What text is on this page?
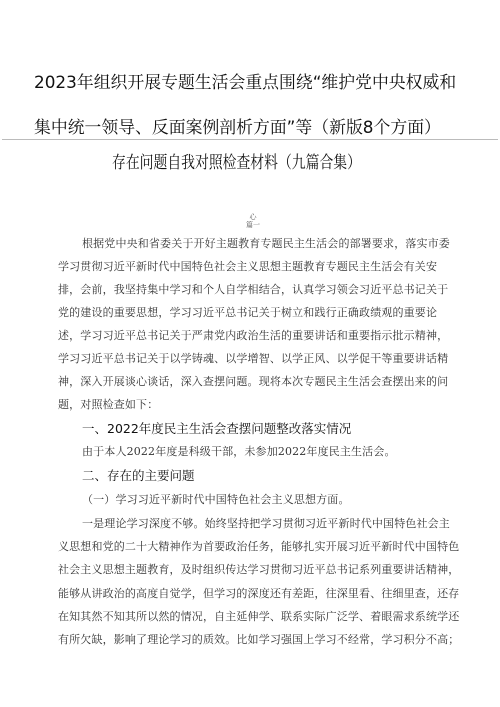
2023年组织开展专题生活会重点围绕“维护党中央权威和
集中统一领导、反面案例剖析方面”等（新版8个方面）
存在问题自我对照检查材料（九篇合集）
心
篇一
根据党中央和省委关于开好主题教育专题民主生活会的部署要求，落实市委
学习贯彻习近平新时代中国特色社会主义思想主题教育专题民主生活会有关安
排，会前，我坚持集中学习和个人自学相结合，认真学习领会习近平总书记关于
党的建设的重要思想，学习习近平总书记关于树立和践行正确政绩观的重要论
述，学习习近平总书记关于严肃党内政治生活的重要讲话和重要指示批示精神，
学习习近平总书记关于以学铸魂、以学增智、以学正风、以学促干等重要讲话精
神，深入开展谈心谈话，深入查摆问题。现将本次专题民主生活会查摆出来的问
题，对照检查如下：
一、2022年度民主生活会查摆问题整改落实情况
由于本人2022年度是科级干部，未参加2022年度民主生活会。
二、存在的主要问题
（一）学习习近平新时代中国特色社会主义思想方面。
一是理论学习深度不够。始终坚持把学习贯彻习近平新时代中国特色社会主
义思想和党的二十大精神作为首要政治任务，能够扎实开展习近平新时代中国特色
社会主义思想主题教育，及时组织传达学习贯彻习近平总书记系列重要讲话精神，
能够从讲政治的高度自觉学，但学习的深度还有差距，往深里看、往细里查，还存
在知其然不知其所以然的情况，自主延伸学、联系实际广泛学、着眼需求系统学还
有所欠缺，影响了理论学习的质效。比如学习强国上学习不经常，学习积分不高；
